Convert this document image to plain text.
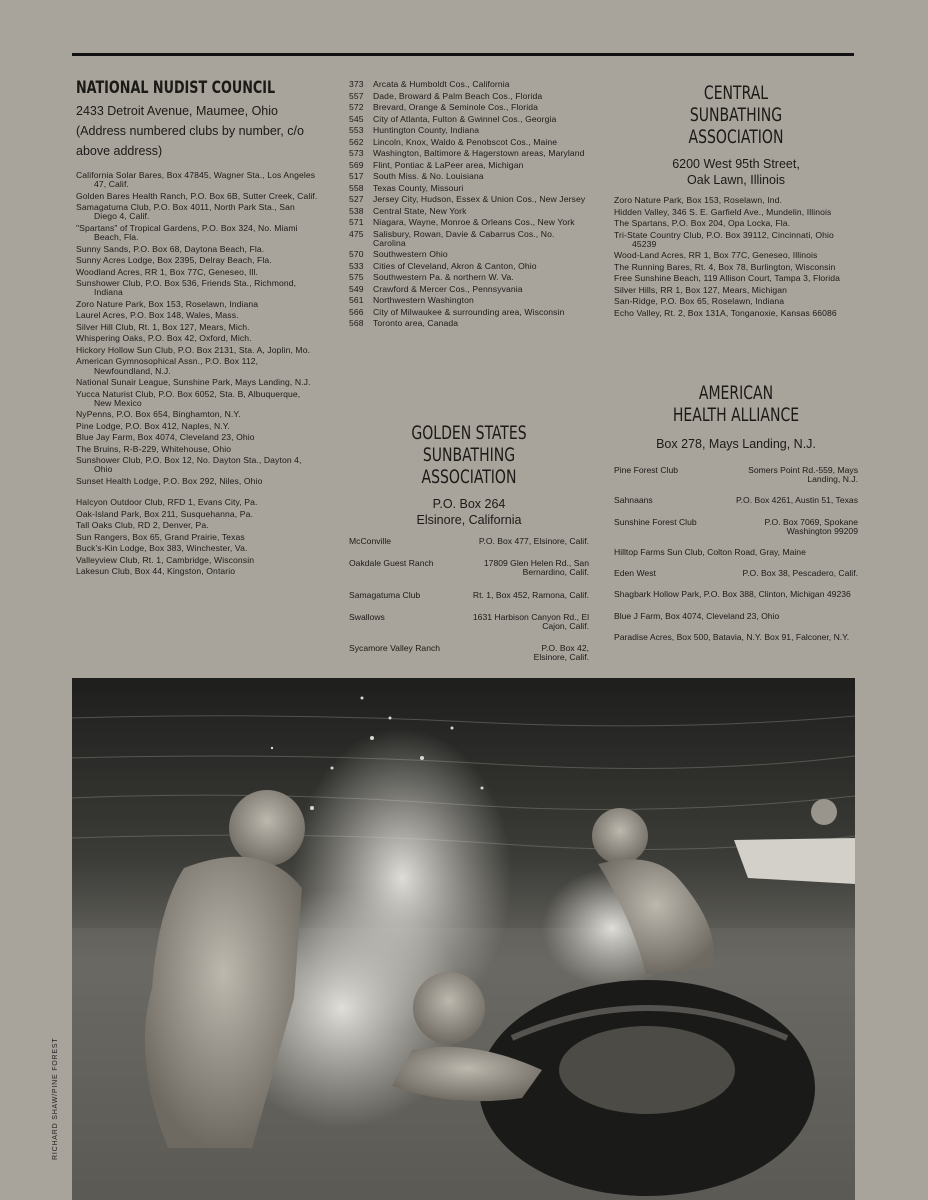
NATIONAL NUDIST COUNCIL

2433 Detroit Avenue, Maumee, Ohio

(Address numbered clubs by number, c/o above address)

California Solar Bares, Box 47845, Wagner Sta., Los Angeles 47, Calif.
Golden Bares Health Ranch, P.O. Box 6B, Sutter Creek, Calif.
Samagatuma Club, P.O. Box 4011, North Park Sta., San Diego 4, Calif.
"Spartans" of Tropical Gardens, P.O. Box 324, No. Miami Beach, Fla.
Sunny Sands, P.O. Box 68, Daytona Beach, Fla.
Sunny Acres Lodge, Box 2395, Delray Beach, Fla.
Woodland Acres, RR 1, Box 77C, Geneseo, Ill.
Sunshower Club, P.O. Box 536, Friends Sta., Richmond, Indiana
Zoro Nature Park, Box 153, Roselawn, Indiana
Laurel Acres, P.O. Box 148, Wales, Mass.
Silver Hill Club, Rt. 1, Box 127, Mears, Mich.
Whispering Oaks, P.O. Box 42, Oxford, Mich.
Hickory Hollow Sun Club, P.O. Box 2131, Sta. A, Joplin, Mo.
American Gymnosophical Assn., P.O. Box 112, Newfoundland, N.J.
National Sunair League, Sunshine Park, Mays Landing, N.J.
Yucca Naturist Club, P.O. Box 6052, Sta. B, Albuquerque, New Mexico
NyPenns, P.O. Box 654, Binghamton, N.Y.
Pine Lodge, P.O. Box 412, Naples, N.Y.
Blue Jay Farm, Box 4074, Cleveland 23, Ohio
The Bruins, R-B-229, Whitehouse, Ohio
Sunshower Club, P.O. Box 12, No. Dayton Sta., Dayton 4, Ohio
Sunset Health Lodge, P.O. Box 292, Niles, Ohio
Halcyon Outdoor Club, RFD 1, Evans City, Pa.
Oak-Island Park, Box 211, Susquehanna, Pa.
Tall Oaks Club, RD 2, Denver, Pa.
Sun Rangers, Box 65, Grand Prairie, Texas
Buck's-Kin Lodge, Box 383, Winchester, Va.
Valleyview Club, Rt. 1, Cambridge, Wisconsin
Lakesun Club, Box 44, Kingston, Ontario
373 Arcata & Humboldt Cos., California
557 Dade, Broward & Palm Beach Cos., Florida
572 Brevard, Orange & Seminole Cos., Florida
545 City of Atlanta, Fulton & Gwinnel Cos., Georgia
553 Huntington County, Indiana
562 Lincoln, Knox, Waldo & Penobscot Cos., Maine
573 Washington, Baltimore & Hagerstown areas, Maryland
569 Flint, Pontiac & LaPeer area, Michigan
517 South Miss. & No. Louisiana
558 Texas County, Missouri
527 Jersey City, Hudson, Essex & Union Cos., New Jersey
538 Central State, New York
571 Niagara, Wayne, Monroe & Orleans Cos., New York
475 Salisbury, Rowan, Davie & Cabarrus Cos., No. Carolina
570 Southwestern Ohio
533 Cities of Cleveland, Akron & Canton, Ohio
575 Southwestern Pa. & northern W. Va.
549 Crawford & Mercer Cos., Pennsyvania
561 Northwestern Washington
566 City of Milwaukee & surrounding area, Wisconsin
568 Toronto area, Canada
GOLDEN STATES
SUNBATHING
ASSOCIATION

P.O. Box 264

Elsinore, California

McConville	P.O. Box 477, Elsinore, Calif.
Oakdale Guest Ranch	17809 Glen Helen Rd., San Bernardino, Calif.
Samagatuma Club	Rt. 1, Box 452, Ramona, Calif.
Swallows	1631 Harbison Canyon Rd., El Cajon, Calif.
Sycamore Valley Ranch	P.O. Box 42, Elsinore, Calif.
CENTRAL
SUNBATHING
ASSOCIATION

6200 West 95th Street,

Oak Lawn, Illinois

Zoro Nature Park, Box 153, Roselawn, Ind.
Hidden Valley, 346 S. E. Garfield Ave., Mundelin, Illinois
The Spartans, P.O. Box 204, Opa Locka, Fla.
Tri-State Country Club, P.O. Box 39112, Cincinnati, Ohio 45239
Wood-Land Acres, RR 1, Box 77C, Geneseo, Illinois
The Running Bares, Rt. 4, Box 78, Burlington, Wisconsin
Free Sunshine Beach, 119 Allison Court, Tampa 3, Florida
Silver Hills, RR 1, Box 127, Mears, Michigan
San-Ridge, P.O. Box 65, Roselawn, Indiana
Echo Valley, Rt. 2, Box 131A, Tonganoxie, Kansas 66086
AMERICAN
HEALTH ALLIANCE

Box 278, Mays Landing, N.J.

Pine Forest Club	Somers Point Rd.-559, Mays Landing, N.J.
Sahnaans	P.O. Box 4261, Austin 51, Texas
Sunshine Forest Club	P.O. Box 7069, Spokane Washington 99209
Hilltop Farms Sun Club, Colton Road, Gray, Maine
Eden West	P.O. Box 38, Pescadero, Calif.
Shagbark Hollow Park, P.O. Box 388, Clinton, Michigan 49236
Blue J Farm, Box 4074, Cleveland 23, Ohio
Paradise Acres, Box 500, Batavia, N.Y. Box 91, Falconer, N.Y.
RICHARD SHAW/PINE FOREST
